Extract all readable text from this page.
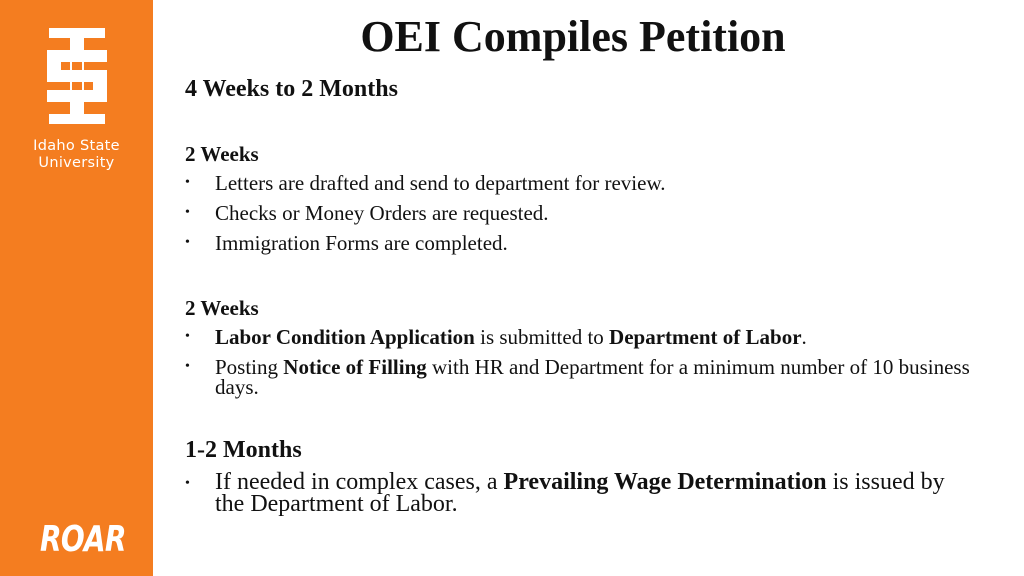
Idaho State
University
ROAR
OEI Compiles Petition
4 Weeks to 2 Months
2 Weeks
• Letters are drafted and send to department for review.
• Checks or Money Orders are requested.
• Immigration Forms are completed.
2 Weeks
• Labor Condition Application is submitted to Department of Labor.
• Posting Notice of Filling with HR and Department for a minimum number of 10 business days.
1-2 Months
• If needed in complex cases, a Prevailing Wage Determination is issued by the Department of Labor.
